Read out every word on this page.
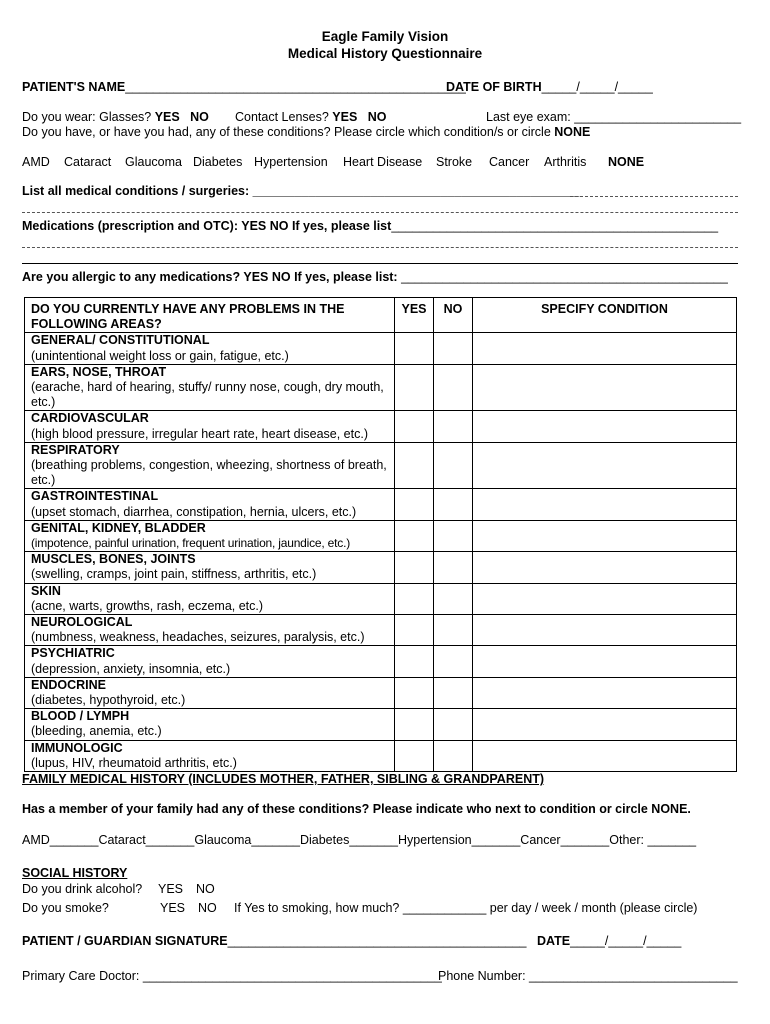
Eagle Family Vision
Medical History Questionnaire
PATIENT'S NAME_________________________________________________
DATE OF BIRTH_____/_____/_____
Do you wear: Glasses? YES   NO Contact Lenses? YES   NO	Last eye exam: ________________________
Do you have, or have you had, any of these conditions? Please circle which condition/s or circle NONE
AMD Cataract Glaucoma Diabetes Hypertension Heart Disease Stroke Cancer Arthritis NONE
List all medical conditions / surgeries: _______________________________________________
Medications (prescription and OTC): YES NO If yes, please list_______________________________________________
Are you allergic to any medications? YES NO If yes, please list: _______________________________________________
DO YOU CURRENTLY HAVE ANY PROBLEMS IN THE FOLLOWING AREAS?	YES	NO	SPECIFY CONDITION

GENERAL/ CONSTITUTIONAL
(unintentional weight loss or gain, fatigue, etc.)			

EARS, NOSE, THROAT
(earache, hard of hearing, stuffy/ runny nose, cough, dry mouth, etc.)			

CARDIOVASCULAR
(high blood pressure, irregular heart rate, heart disease, etc.)			

RESPIRATORY
(breathing problems, congestion, wheezing, shortness of breath, etc.)			

GASTROINTESTINAL
(upset stomach, diarrhea, constipation, hernia, ulcers, etc.)			

GENITAL, KIDNEY, BLADDER
(impotence, painful urination, frequent urination, jaundice, etc.)			

MUSCLES, BONES, JOINTS
(swelling, cramps, joint pain, stiffness, arthritis, etc.)			

SKIN
(acne, warts, growths, rash, eczema, etc.)			

NEUROLOGICAL
(numbness, weakness, headaches, seizures, paralysis, etc.)			

PSYCHIATRIC
(depression, anxiety, insomnia, etc.)			

ENDOCRINE
(diabetes, hypothyroid, etc.)			

BLOOD / LYMPH
(bleeding, anemia, etc.)			

IMMUNOLOGIC
(lupus, HIV, rheumatoid arthritis, etc.)			

FAMILY MEDICAL HISTORY (INCLUDES MOTHER, FATHER, SIBLING & GRANDPARENT)
Has a member of your family had any of these conditions? Please indicate who next to condition or circle NONE.
AMD_______Cataract_______Glaucoma_______Diabetes_______Hypertension_______Cancer_______Other: _______
SOCIAL HISTORY
Do you drink alcohol? YES NO
Do you smoke?	YES NO If Yes to smoking, how much? ____________ per day / week / month (please circle)
PATIENT / GUARDIAN SIGNATURE___________________________________________ DATE_____/_____/_____
Primary Care Doctor: ___________________________________________
Phone Number: ______________________________
